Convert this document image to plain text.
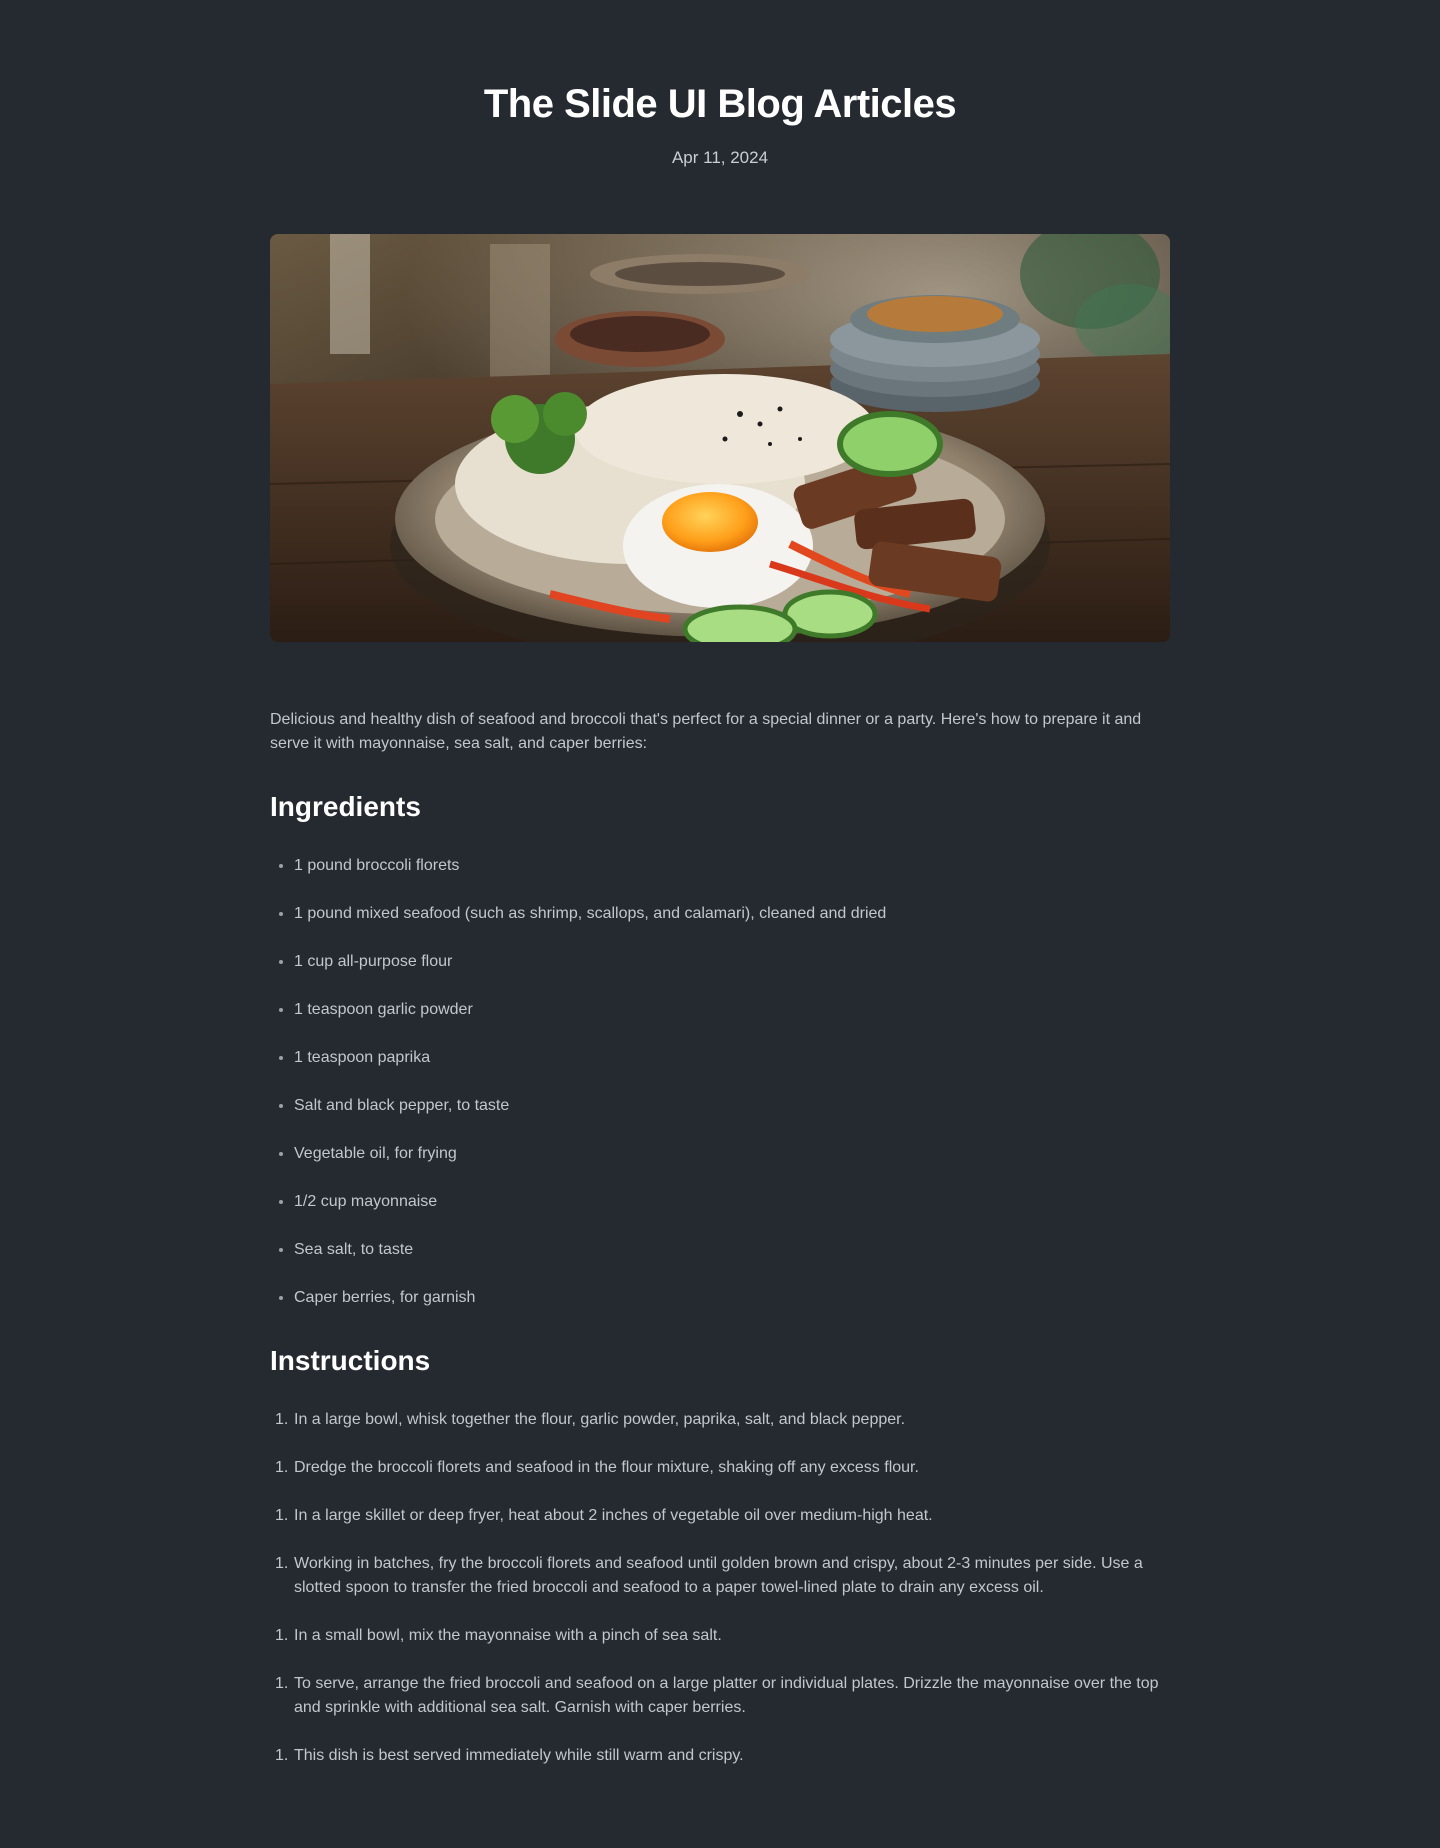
The Slide UI Blog Articles
Apr 11, 2024

Delicious and healthy dish of seafood and broccoli that's perfect for a special dinner or a party. Here's how to prepare it and serve it with mayonnaise, sea salt, and caper berries:

Ingredients
• 1 pound broccoli florets
• 1 pound mixed seafood (such as shrimp, scallops, and calamari), cleaned and dried
• 1 cup all-purpose flour
• 1 teaspoon garlic powder
• 1 teaspoon paprika
• Salt and black pepper, to taste
• Vegetable oil, for frying
• 1/2 cup mayonnaise
• Sea salt, to taste
• Caper berries, for garnish
Instructions
1. In a large bowl, whisk together the flour, garlic powder, paprika, salt, and black pepper.
1. Dredge the broccoli florets and seafood in the flour mixture, shaking off any excess flour.
1. In a large skillet or deep fryer, heat about 2 inches of vegetable oil over medium-high heat.
1. Working in batches, fry the broccoli florets and seafood until golden brown and crispy, about 2-3 minutes per side. Use a slotted spoon to transfer the fried broccoli and seafood to a paper towel-lined plate to drain any excess oil.
1. In a small bowl, mix the mayonnaise with a pinch of sea salt.
1. To serve, arrange the fried broccoli and seafood on a large platter or individual plates. Drizzle the mayonnaise over the top and sprinkle with additional sea salt. Garnish with caper berries.
1. This dish is best served immediately while still warm and crispy.
